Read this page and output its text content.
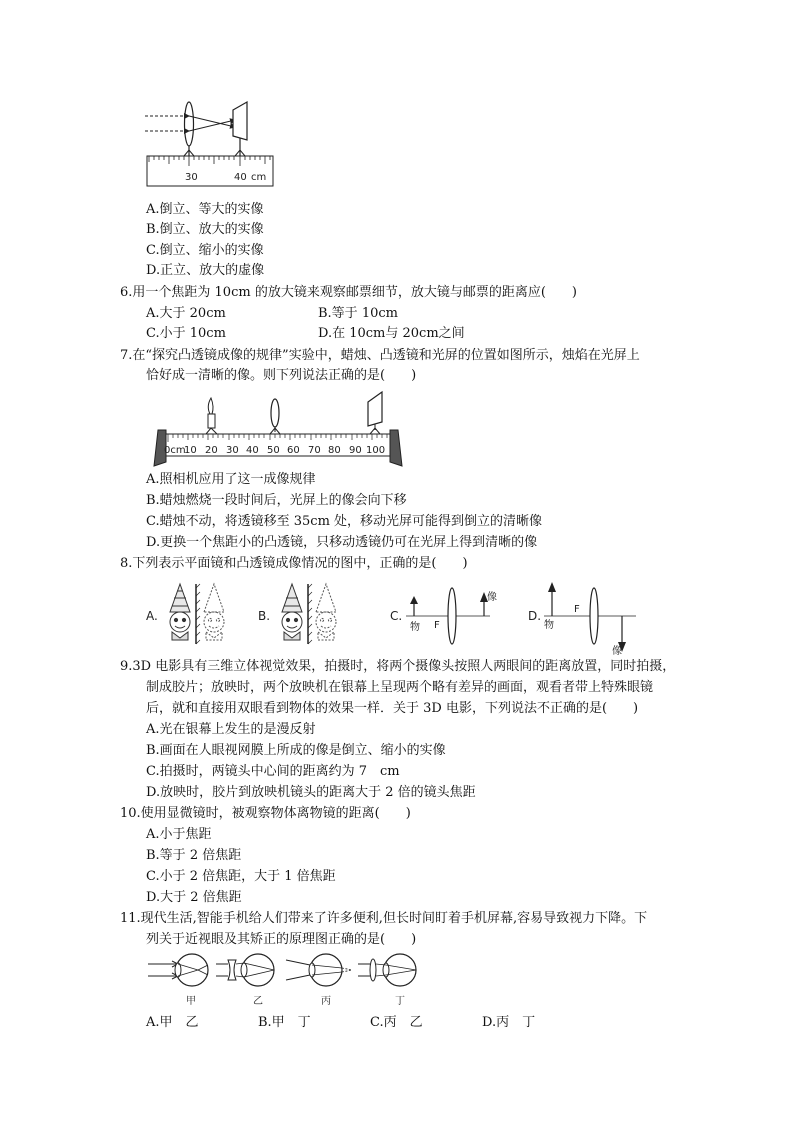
30	40 cm
A.倒立、等大的实像
B.倒立、放大的实像
C.倒立、缩小的实像
D.正立、放大的虚像
6.用一个焦距为 10cm 的放大镜来观察邮票细节，放大镜与邮票的距离应(　　)
A.大于 20cm	B.等于 10cm
C.小于 10cm	D.在 10cm与 20cm之间
7.在“探究凸透镜成像的规律”实验中，蜡烛、凸透镜和光屏的位置如图所示，烛焰在光屏上
恰好成一清晰的像。则下列说法正确的是(　　)
0cm
10 20 30 40 50 60 70 80 90 100
A.照相机应用了这一成像规律
B.蜡烛燃烧一段时间后，光屏上的像会向下移
C.蜡烛不动，将透镜移至 35cm 处，移动光屏可能得到倒立的清晰像
D.更换一个焦距小的凸透镜，只移动透镜仍可在光屏上得到清晰的像
8.下列表示平面镜和凸透镜成像情况的图中，正确的是(　　)
A.	B.	C.
物 F
像
D.
物
F
像
9.3D 电影具有三维立体视觉效果，拍摄时，将两个摄像头按照人两眼间的距离放置，同时拍摄，
制成胶片；放映时，两个放映机在银幕上呈现两个略有差异的画面，观看者带上特殊眼镜
后，就和直接用双眼看到物体的效果一样．关于 3D 电影，下列说法不正确的是(　　)
A.光在银幕上发生的是漫反射
B.画面在人眼视网膜上所成的像是倒立、缩小的实像
C.拍摄时，两镜头中心间的距离约为 7　cm
D.放映时，胶片到放映机镜头的距离大于 2 倍的镜头焦距
10.使用显微镜时，被观察物体离物镜的距离(　　)
A.小于焦距
B.等于 2 倍焦距
C.小于 2 倍焦距，大于 1 倍焦距
D.大于 2 倍焦距
11.现代生活,智能手机给人们带来了许多便利,但长时间盯着手机屏幕,容易导致视力下降。下
列关于近视眼及其矫正的原理图正确的是(　　)
甲	乙	丙	丁
A.甲　乙	B.甲　丁	C.丙　乙	D.丙　丁
